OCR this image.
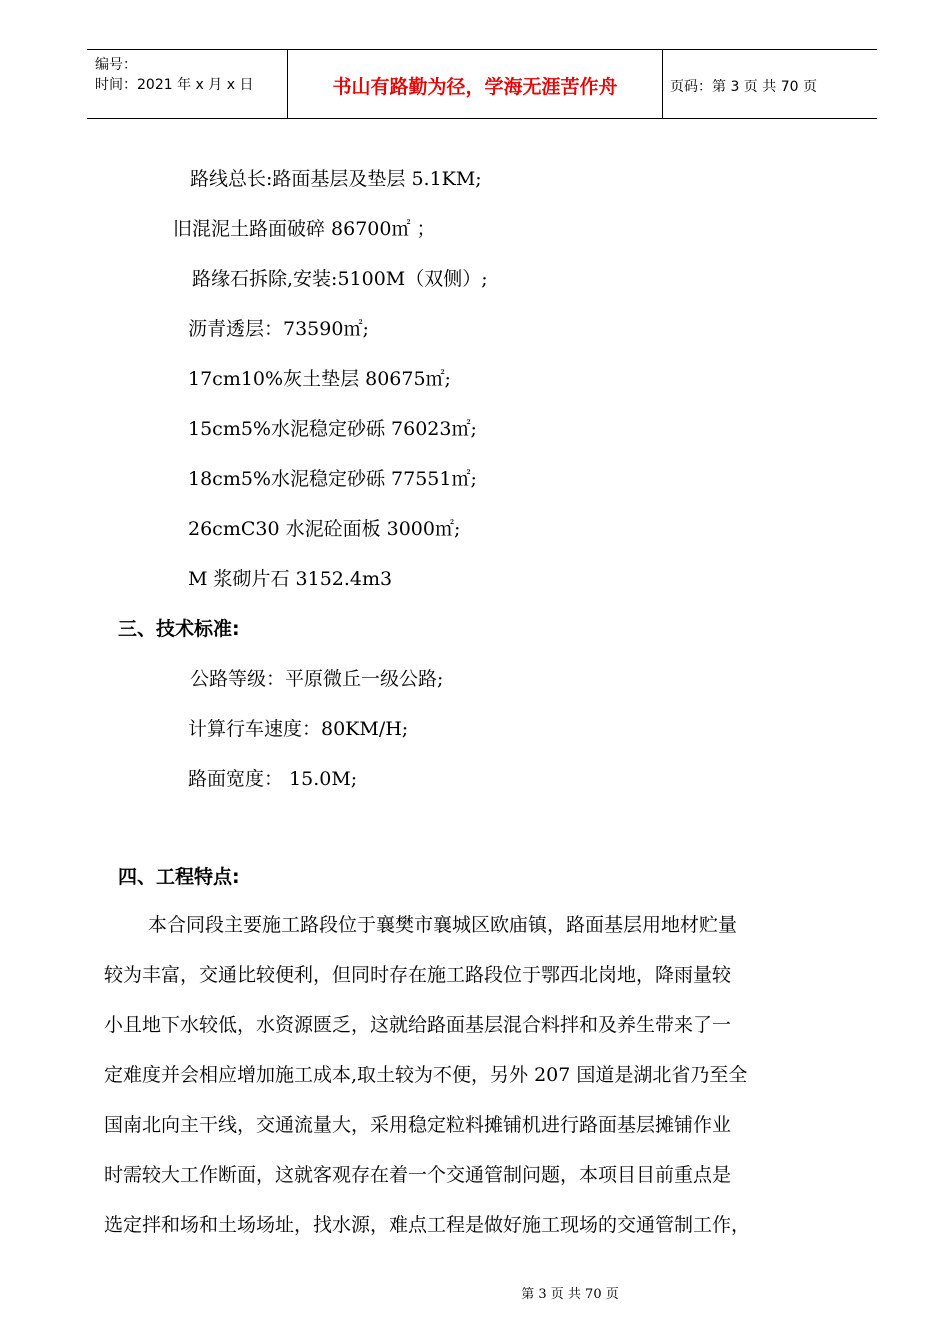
编号：
时间：2021 年 x 月 x 日	书山有路勤为径，学海无涯苦作舟	页码：第 3 页 共 70 页
路线总长:路面基层及垫层 5.1KM;
旧混泥土路面破碎 86700㎡ ；
路缘石拆除,安装:5100M（双侧）;
沥青透层：73590㎡;
17cm10%灰土垫层 80675㎡;
15cm5%水泥稳定砂砾 76023㎡;
18cm5%水泥稳定砂砾 77551㎡;
26cmC30 水泥砼面板 3000㎡;
M 浆砌片石 3152.4m3
三、技术标准:
公路等级：平原微丘一级公路;
计算行车速度：80KM/H;
路面宽度： 15.0M;
四、工程特点:
本合同段主要施工路段位于襄樊市襄城区欧庙镇，路面基层用地材贮量
较为丰富，交通比较便利，但同时存在施工路段位于鄂西北岗地，降雨量较
小且地下水较低，水资源匮乏，这就给路面基层混合料拌和及养生带来了一
定难度并会相应增加施工成本,取土较为不便，另外 207 国道是湖北省乃至全
国南北向主干线，交通流量大，采用稳定粒料摊铺机进行路面基层摊铺作业
时需较大工作断面，这就客观存在着一个交通管制问题，本项目目前重点是
选定拌和场和土场场址，找水源，难点工程是做好施工现场的交通管制工作，
第 3 页 共 70 页
